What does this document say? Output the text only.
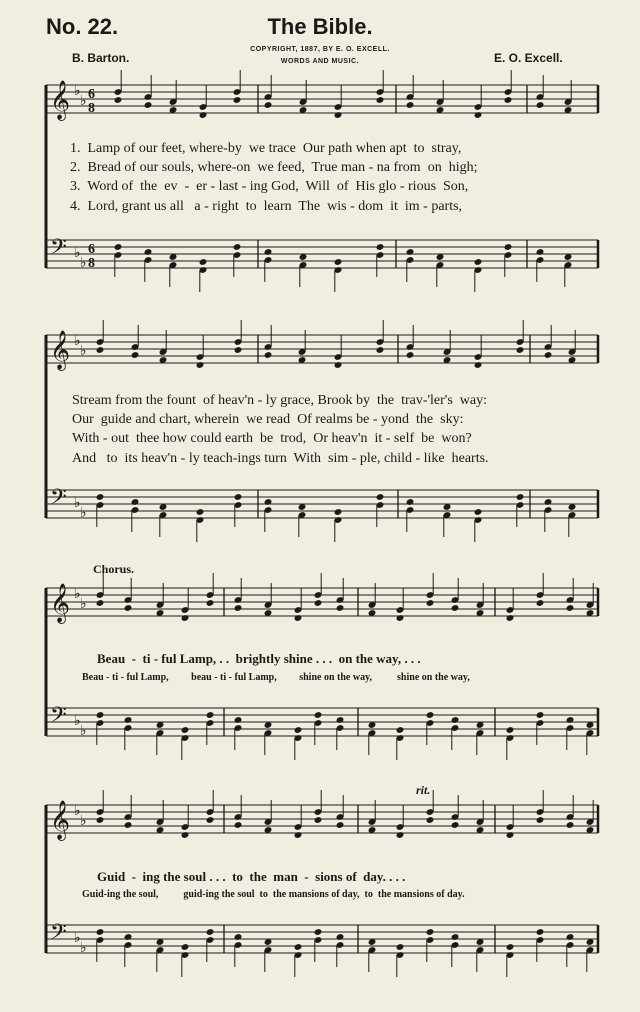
No. 22.	The Bible.
B. Barton.
COPYRIGHT, 1887, BY E. O. EXCELL.
WORDS AND MUSIC.	E. O. Excell.
𝄞
𝄢
♭
♭
♭
♭
𝄞
𝄢
♭
♭
♭
♭
𝄞
𝄢
♭
♭
♭
♭
𝄞
𝄢
♭
♭
♭
♭
6
8
6
8
1.  Lamp of our feet, where-by  we trace  Our path when apt  to  stray,
2.  Bread of our souls, where-on  we feed,  True man - na from  on  high;
3.  Word of  the  ev  -  er - last - ing God,  Will  of  His glo - rious  Son,
4.  Lord, grant us all   a - right  to  learn  The  wis - dom  it  im - parts,
Stream from the fount  of heav'n - ly grace, Brook by  the  trav-'ler's  way:
Our  guide and chart, wherein  we read  Of realms be - yond  the  sky:
With - out  thee how could earth  be  trod,  Or heav'n  it - self  be  won?
And   to  its heav'n - ly teach-ings turn  With  sim - ple, child - like  hearts.
Chorus.
Beau  -  ti - ful Lamp, . .  brightly shine . . .  on the way, . . .
Beau - ti - ful Lamp,         beau - ti - ful Lamp,         shine on the way,          shine on the way,
rit.
Guid  -  ing the soul . . .  to  the  man  -  sions of  day. . . .
Guid-ing the soul,          guid-ing the soul  to  the mansions of day,  to  the mansions of day.
